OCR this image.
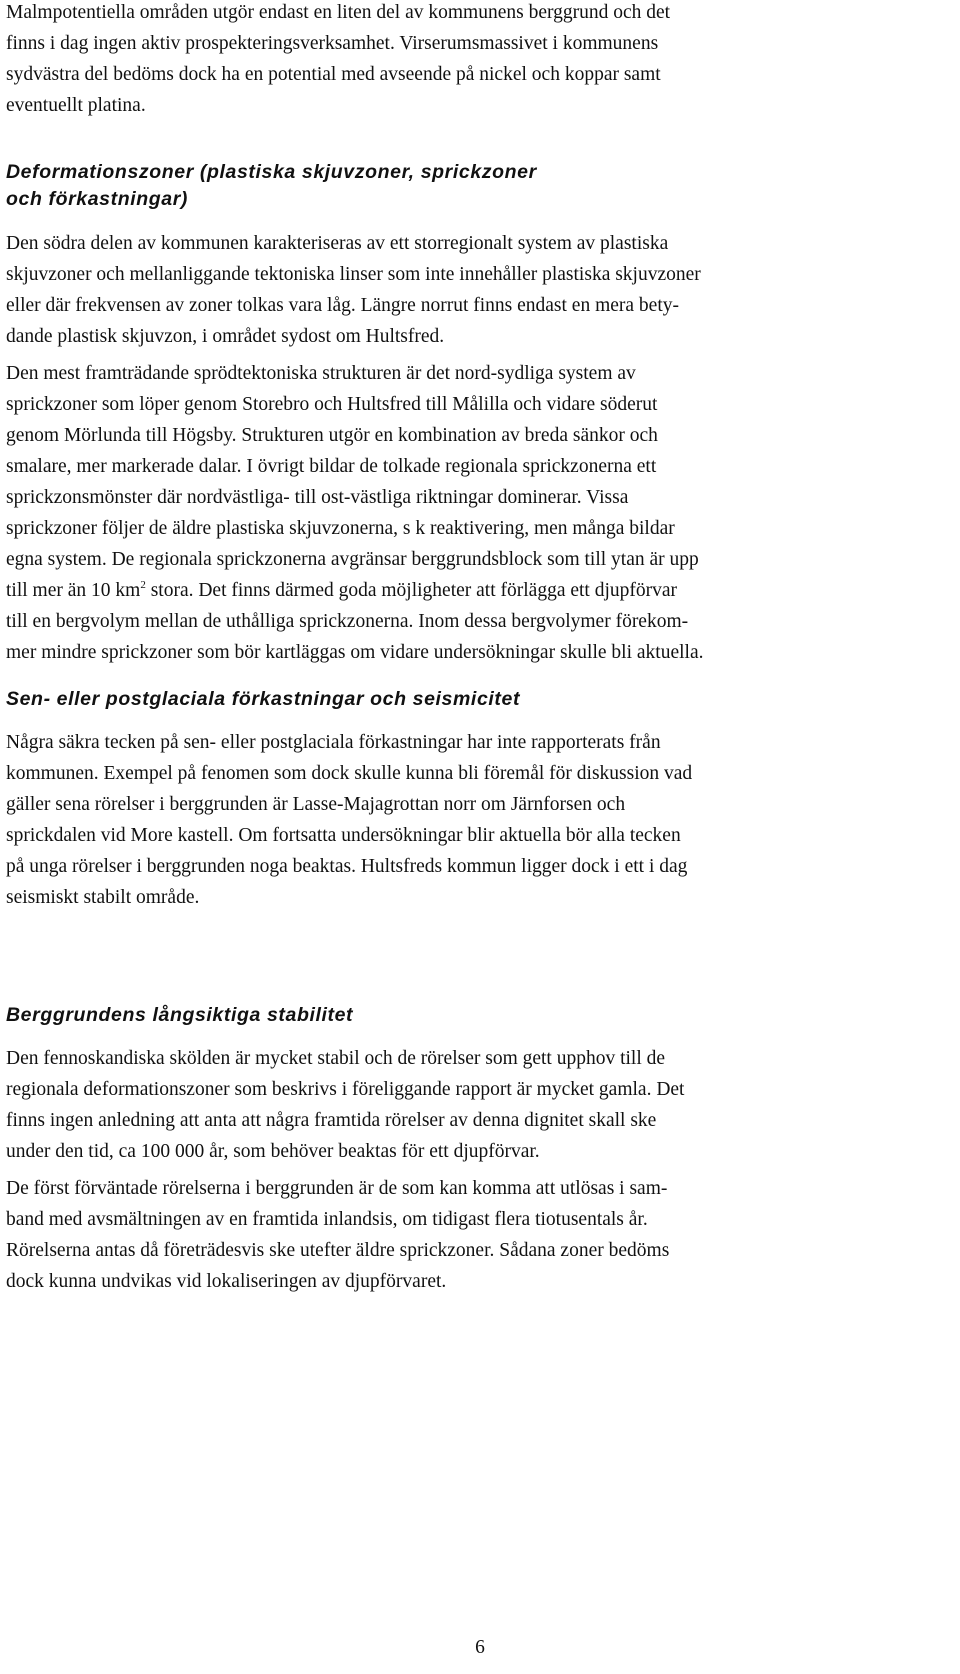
Malmpotentiella områden utgör endast en liten del av kommunens berggrund och det
finns i dag ingen aktiv prospekteringsverksamhet. Virserumsmassivet i kommunens
sydvästra del bedöms dock ha en potential med avseende på nickel och koppar samt
eventuellt platina.

Deformationszoner (plastiska skjuvzoner, sprickzoner
och förkastningar)

Den södra delen av kommunen karakteriseras av ett storregionalt system av plastiska
skjuvzoner och mellanliggande tektoniska linser som inte innehåller plastiska skjuvzoner
eller där frekvensen av zoner tolkas vara låg. Längre norrut finns endast en mera bety-
dande plastisk skjuvzon, i området sydost om Hultsfred.

Den mest framträdande sprödtektoniska strukturen är det nord-sydliga system av
sprickzoner som löper genom Storebro och Hultsfred till Målilla och vidare söderut
genom Mörlunda till Högsby. Strukturen utgör en kombination av breda sänkor och
smalare, mer markerade dalar. I övrigt bildar de tolkade regionala sprickzonerna ett
sprickzonsmönster där nordvästliga- till ost-västliga riktningar dominerar. Vissa
sprickzoner följer de äldre plastiska skjuvzonerna, s k reaktivering, men många bildar
egna system. De regionala sprickzonerna avgränsar berggrundsblock som till ytan är upp
till mer än 10 $km^2$ stora. Det finns därmed goda möjligheter att förlägga ett djupförvar
till en bergvolym mellan de uthålliga sprickzonerna. Inom dessa bergvolymer förekom-
mer mindre sprickzoner som bör kartläggas om vidare undersökningar skulle bli aktuella.

Sen- eller postglaciala förkastningar och seismicitet

Några säkra tecken på sen- eller postglaciala förkastningar har inte rapporterats från
kommunen. Exempel på fenomen som dock skulle kunna bli föremål för diskussion vad
gäller sena rörelser i berggrunden är Lasse-Majagrottan norr om Järnforsen och
sprickdalen vid More kastell. Om fortsatta undersökningar blir aktuella bör alla tecken
på unga rörelser i berggrunden noga beaktas. Hultsfreds kommun ligger dock i ett i dag
seismiskt stabilt område.

Berggrundens långsiktiga stabilitet

Den fennoskandiska skölden är mycket stabil och de rörelser som gett upphov till de
regionala deformationszoner som beskrivs i föreliggande rapport är mycket gamla. Det
finns ingen anledning att anta att några framtida rörelser av denna dignitet skall ske
under den tid, ca 100 000 år, som behöver beaktas för ett djupförvar.

De först förväntade rörelserna i berggrunden är de som kan komma att utlösas i sam-
band med avsmältningen av en framtida inlandsis, om tidigast flera tiotusentals år.
Rörelserna antas då företrädesvis ske utefter äldre sprickzoner. Sådana zoner bedöms
dock kunna undvikas vid lokaliseringen av djupförvaret.

6
